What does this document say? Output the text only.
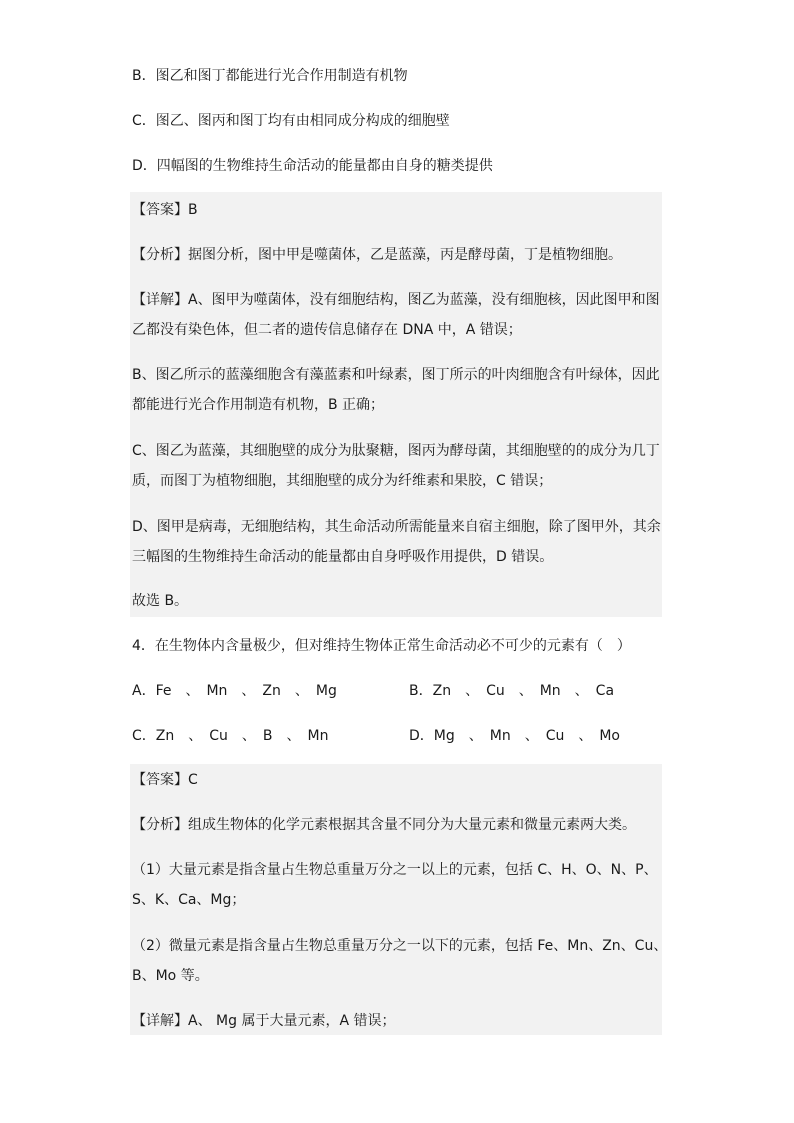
B．图乙和图丁都能进行光合作用制造有机物
C．图乙、图丙和图丁均有由相同成分构成的细胞壁
D．四幅图的生物维持生命活动的能量都由自身的糖类提供
【答案】B
【分析】据图分析，图中甲是噬菌体，乙是蓝藻，丙是酵母菌，丁是植物细胞。
【详解】A、图甲为噬菌体，没有细胞结构，图乙为蓝藻，没有细胞核，因此图甲和图
乙都没有染色体，但二者的遗传信息储存在 DNA 中，A 错误；
B、图乙所示的蓝藻细胞含有藻蓝素和叶绿素，图丁所示的叶肉细胞含有叶绿体，因此
都能进行光合作用制造有机物，B 正确；
C、图乙为蓝藻，其细胞壁的成分为肽聚糖，图丙为酵母菌，其细胞壁的的成分为几丁
质，而图丁为植物细胞，其细胞壁的成分为纤维素和果胶，C 错误；
D、图甲是病毒，无细胞结构，其生命活动所需能量来自宿主细胞，除了图甲外，其余
三幅图的生物维持生命活动的能量都由自身呼吸作用提供，D 错误。
故选 B。
4．在生物体内含量极少，但对维持生物体正常生命活动必不可少的元素有（　）
A．Fe　、　Mn　、　Zn　、　Mg	B．Zn　、　Cu　、　Mn　、　Ca
C．Zn　、　Cu　、　B　、　Mn	D．Mg　、　Mn　、　Cu　、　Mo
【答案】C
【分析】组成生物体的化学元素根据其含量不同分为大量元素和微量元素两大类。
（1）大量元素是指含量占生物总重量万分之一以上的元素，包括 C、H、O、N、P、
S、K、Ca、Mg；
（2）微量元素是指含量占生物总重量万分之一以下的元素，包括 Fe、Mn、Zn、Cu、
B、Mo 等。
【详解】A、 Mg 属于大量元素，A 错误；
